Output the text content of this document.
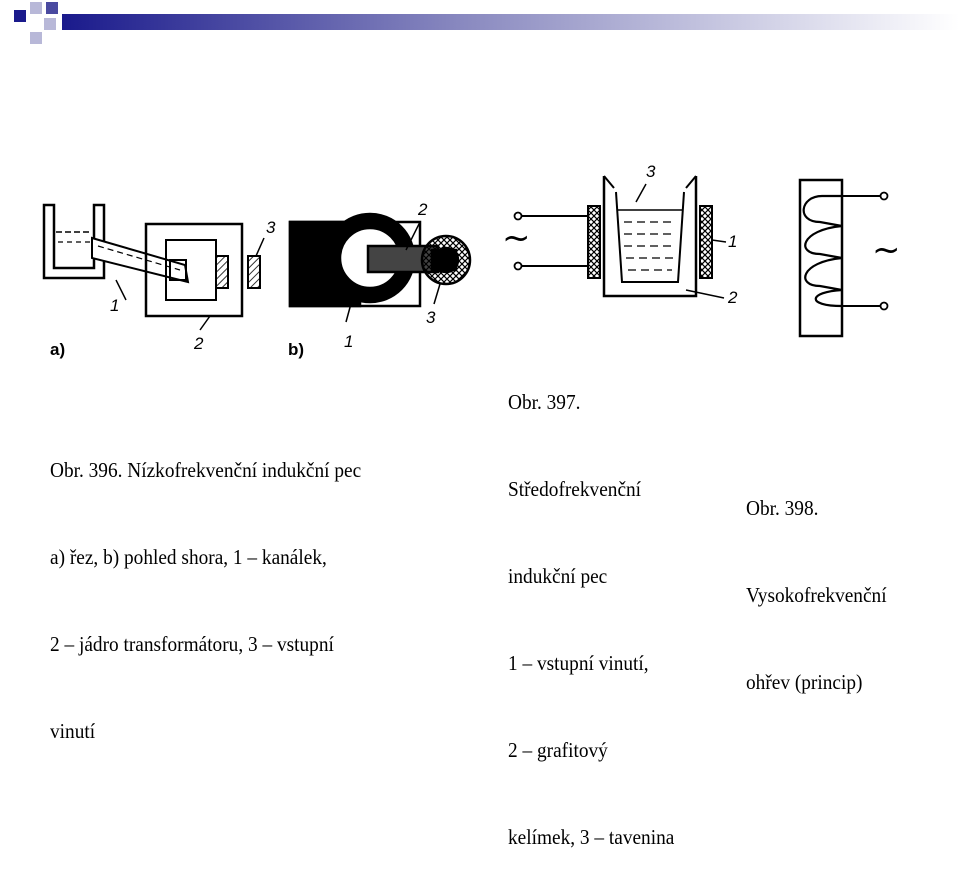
a)	b)
1
2
3
1
2
3
3
1
2
~	~

Obr. 396. Nízkofrekvenční indukční pec

a) řez, b) pohled shora, 1 – kanálek,

2 – jádro transformátoru, 3 – vstupní

vinutí

Obr. 397.

Středofrekvenční

indukční pec

1 – vstupní vinutí,

2 – grafitový

kelímek, 3 – tavenina

Obr. 398.

Vysokofrekvenční

ohřev (princip)
